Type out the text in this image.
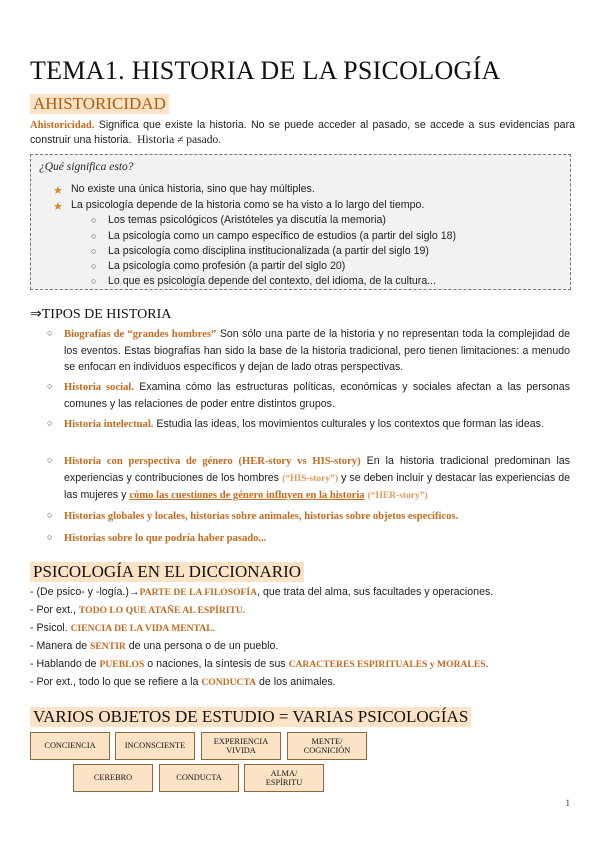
TEMA1. HISTORIA DE LA PSICOLOGÍA
AHISTORICIDAD
Ahistoricidad. Significa que existe la historia. No se puede acceder al pasado, se accede a sus evidencias para construir una historia. Historia ≠ pasado.
¿Qué significa esto?
★ No existe una única historia, sino que hay múltiples.
★ La psicología depende de la historia como se ha visto a lo largo del tiempo.
○ Los temas psicológicos (Aristóteles ya discutía la memoria)
○ La psicología como un campo específico de estudios (a partir del siglo 18)
○ La psicología como disciplina institucionalizada (a partir del siglo 19)
○ La psicología como profesión (a partir del siglo 20)
○ Lo que es psicología depende del contexto, del idioma, de la cultura...
⇒TIPOS DE HISTORIA
○ Biografías de “grandes hombres” Son sólo una parte de la historia y no representan toda la complejidad de los eventos. Estas biografías han sido la base de la historia tradicional, pero tienen limitaciones: a menudo se enfocan en individuos específicos y dejan de lado otras perspectivas.
○ Historia social. Examina cómo las estructuras políticas, económicas y sociales afectan a las personas comunes y las relaciones de poder entre distintos grupos.
○ Historia intelectual. Estudia las ideas, los movimientos culturales y los contextos que forman las ideas.
○ Historia con perspectiva de género (HER-story vs HIS-story) En la historia tradicional predominan las experiencias y contribuciones de los hombres (“HIS-story”) y se deben incluir y destacar las experiencias de las mujeres y cómo las cuestiones de género influyen en la historia (“HER-story”)
○ Historias globales y locales, historias sobre animales, historias sobre objetos específicos.
○ Historias sobre lo que podría haber pasado...
PSICOLOGÍA EN EL DICCIONARIO
- (De psico- y -logía.)→PARTE DE LA FILOSOFÍA, que trata del alma, sus facultades y operaciones.
- Por ext., TODO LO QUE ATAÑE AL ESPÍRITU.
- Psicol. CIENCIA DE LA VIDA MENTAL.
- Manera de SENTIR de una persona o de un pueblo.
- Hablando de PUEBLOS o naciones, la síntesis de sus CARACTERES ESPIRITUALES y MORALES.
- Por ext., todo lo que se refiere a la CONDUCTA de los animales.
VARIOS OBJETOS DE ESTUDIO = VARIAS PSICOLOGÍAS
CONCIENCIA	INCONSCIENTE
EXPERIENCIA
VIVIDA
MENTE/
COGNICIÓN
CEREBRO	CONDUCTA
ALMA/
ESPÍRITU
1
